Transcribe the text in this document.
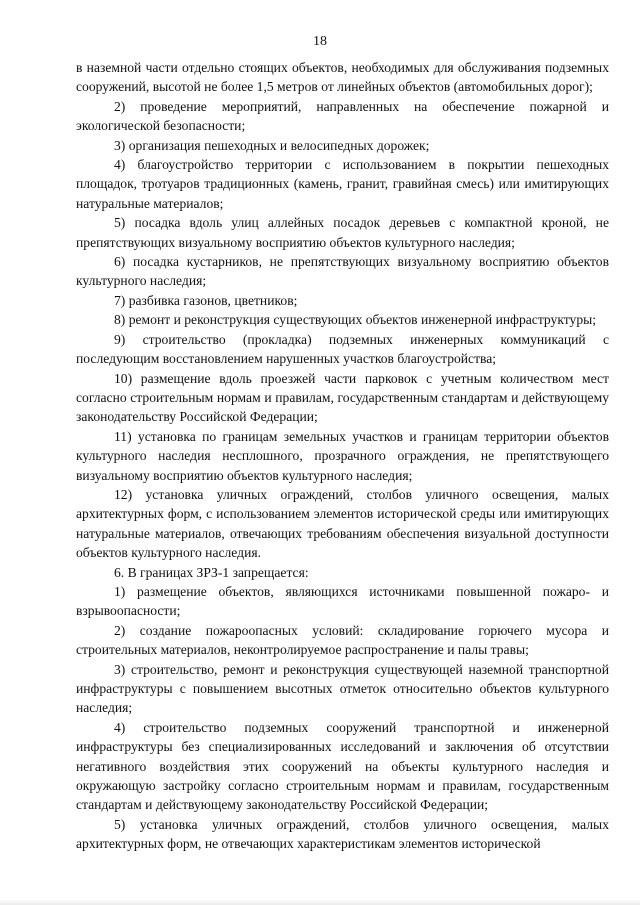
18

в наземной части отдельно стоящих объектов, необходимых для обслуживания подземных сооружений, высотой не более 1,5 метров от линейных объектов (автомобильных дорог);

2) проведение мероприятий, направленных на обеспечение пожарной и экологической безопасности;

3) организация пешеходных и велосипедных дорожек;

4) благоустройство территории с использованием в покрытии пешеходных площадок, тротуаров традиционных (камень, гранит, гравийная смесь) или имитирующих натуральные материалов;

5) посадка вдоль улиц аллейных посадок деревьев с компактной кроной, не препятствующих визуальному восприятию объектов культурного наследия;

6) посадка кустарников, не препятствующих визуальному восприятию объектов культурного наследия;

7) разбивка газонов, цветников;

8) ремонт и реконструкция существующих объектов инженерной инфраструктуры;

9) строительство (прокладка) подземных инженерных коммуникаций с последующим восстановлением нарушенных участков благоустройства;

10) размещение вдоль проезжей части парковок с учетным количеством мест согласно строительным нормам и правилам, государственным стандартам и действующему законодательству Российской Федерации;

11) установка по границам земельных участков и границам территории объектов культурного наследия несплошного, прозрачного ограждения, не препятствующего визуальному восприятию объектов культурного наследия;

12) установка уличных ограждений, столбов уличного освещения, малых архитектурных форм, с использованием элементов исторической среды или имитирующих натуральные материалов, отвечающих требованиям обеспечения визуальной доступности объектов культурного наследия.

6. В границах ЗРЗ-1 запрещается:

1) размещение объектов, являющихся источниками повышенной пожаро- и взрывоопасности;

2) создание пожароопасных условий: складирование горючего мусора и строительных материалов, неконтролируемое распространение и палы травы;

3) строительство, ремонт и реконструкция существующей наземной транспортной инфраструктуры с повышением высотных отметок относительно объектов культурного наследия;

4) строительство подземных сооружений транспортной и инженерной инфраструктуры без специализированных исследований и заключения об отсутствии негативного воздействия этих сооружений на объекты культурного наследия и окружающую застройку согласно строительным нормам и правилам, государственным стандартам и действующему законодательству Российской Федерации;

5) установка уличных ограждений, столбов уличного освещения, малых архитектурных форм, не отвечающих характеристикам элементов исторической
